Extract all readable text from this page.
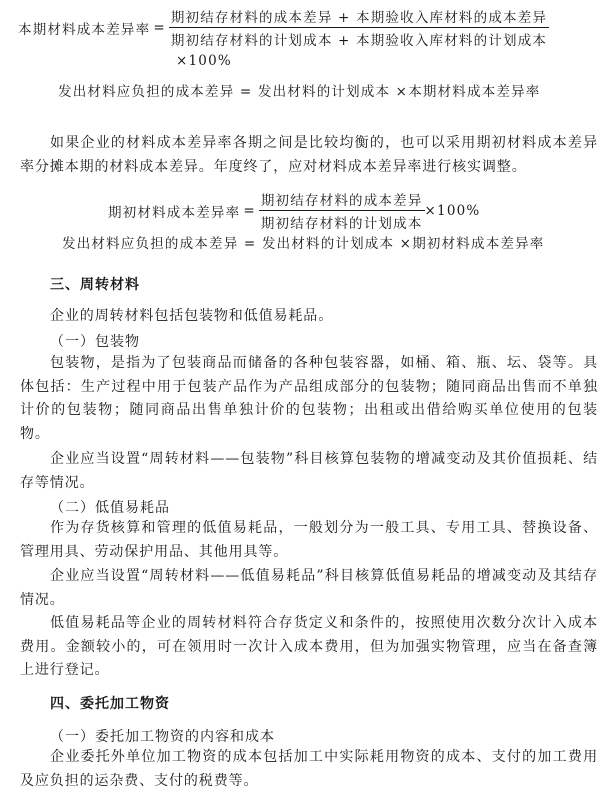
本期材料成本差异率 = $\frac{\text{期初结存材料的成本差异 + 本期验收入库材料的成本差异}}{\text{期初结存材料的计划成本 + 本期验收入库材料的计划成本}}$
×100%
发出材料应负担的成本差异 = 发出材料的计划成本 ×本期材料成本差异率

如果企业的材料成本差异率各期之间是比较均衡的，也可以采用期初材料成本差异率分摊本期的材料成本差异。年度终了，应对材料成本差异率进行核实调整。

期初材料成本差异率 = $\frac{\text{期初结存材料的成本差异}}{\text{期初结存材料的计划成本}} \times 100\%$
发出材料应负担的成本差异 = 发出材料的计划成本 ×期初材料成本差异率
三、周转材料

企业的周转材料包括包装物和低值易耗品。

（一）包装物

包装物，是指为了包装商品而储备的各种包装容器，如桶、箱、瓶、坛、袋等。具体包括：生产过程中用于包装产品作为产品组成部分的包装物；随同商品出售而不单独计价的包装物；随同商品出售单独计价的包装物；出租或出借给购买单位使用的包装物。

企业应当设置“周转材料——包装物”科目核算包装物的增减变动及其价值损耗、结存等情况。

（二）低值易耗品

作为存货核算和管理的低值易耗品，一般划分为一般工具、专用工具、替换设备、管理用具、劳动保护用品、其他用具等。

企业应当设置“周转材料——低值易耗品”科目核算低值易耗品的增减变动及其结存情况。

低值易耗品等企业的周转材料符合存货定义和条件的，按照使用次数分次计入成本费用。金额较小的，可在领用时一次计入成本费用，但为加强实物管理，应当在备查簿上进行登记。

四、委托加工物资

（一）委托加工物资的内容和成本

企业委托外单位加工物资的成本包括加工中实际耗用物资的成本、支付的加工费用及应负担的运杂费、支付的税费等。
